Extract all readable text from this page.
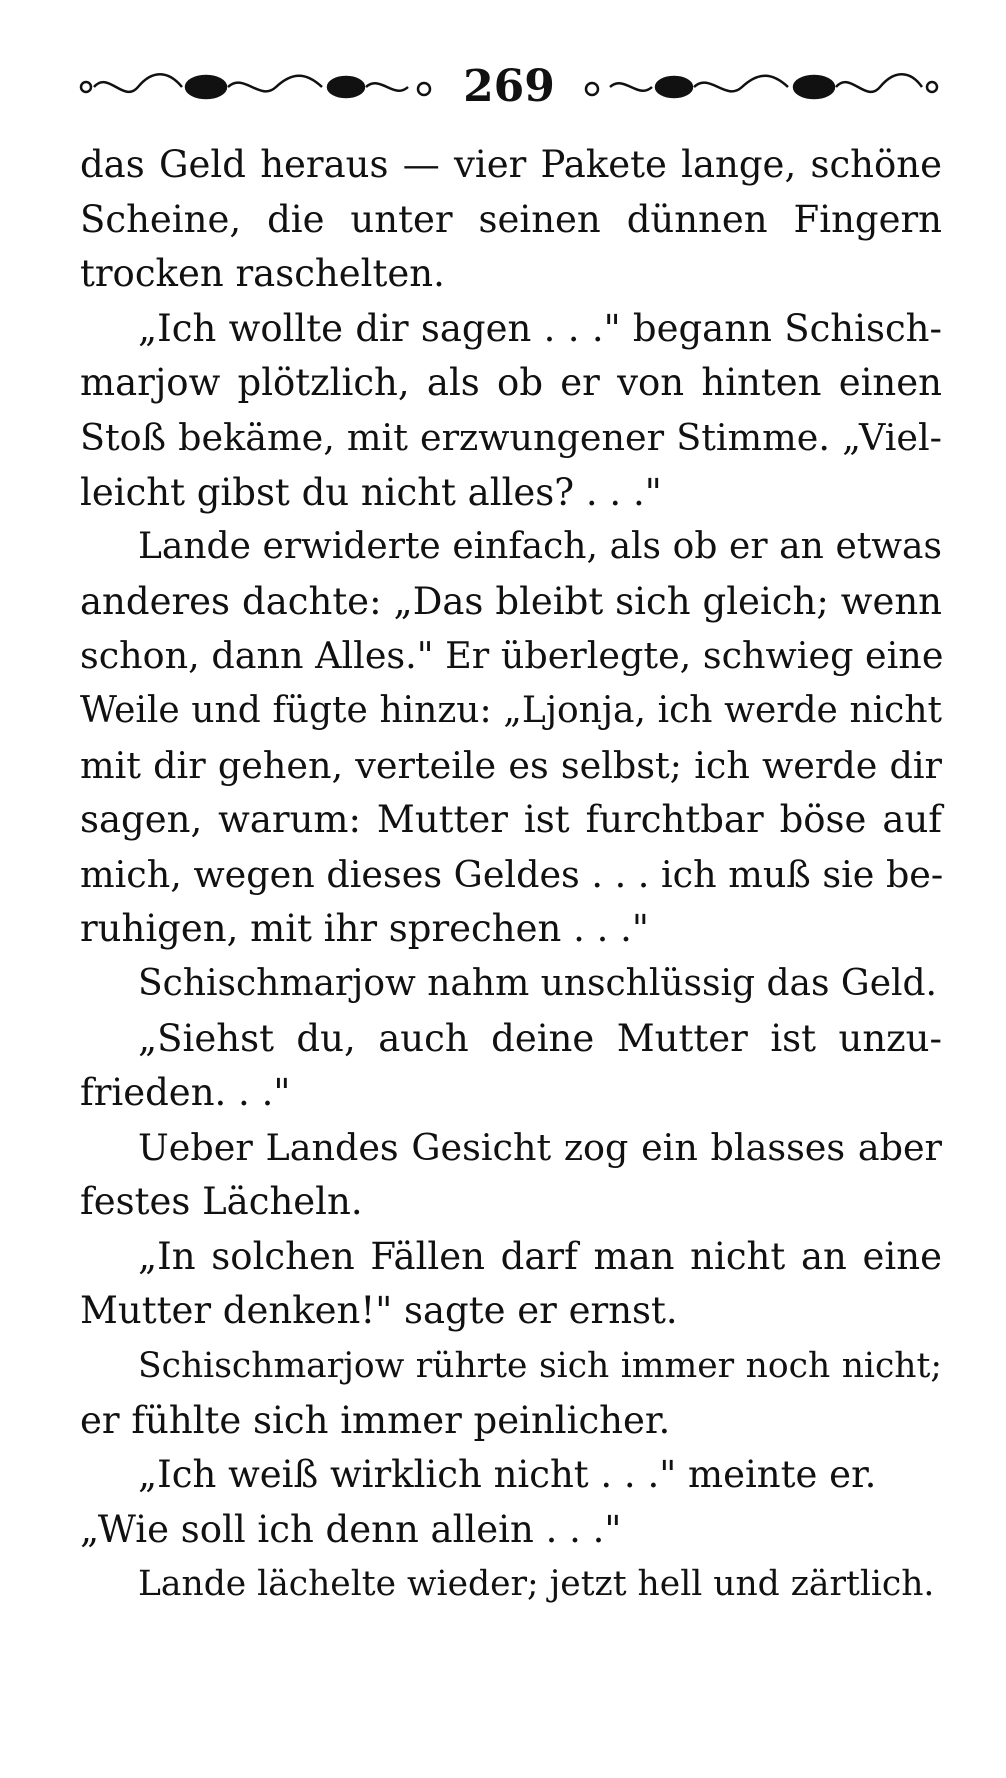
269
das Geld heraus — vier Pakete lange, schöne
Scheine, die unter seinen dünnen Fingern
trocken raschelten.
„Ich wollte dir sagen . . ." begann Schisch-
marjow plötzlich, als ob er von hinten einen
Stoß bekäme, mit erzwungener Stimme. „Viel-
leicht gibst du nicht alles? . . ."
Lande erwiderte einfach, als ob er an etwas
anderes dachte: „Das bleibt sich gleich; wenn
schon, dann Alles." Er überlegte, schwieg eine
Weile und fügte hinzu: „Ljonja, ich werde nicht
mit dir gehen, verteile es selbst; ich werde dir
sagen, warum: Mutter ist furchtbar böse auf
mich, wegen dieses Geldes . . . ich muß sie be-
ruhigen, mit ihr sprechen . . ."
Schischmarjow nahm unschlüssig das Geld.
„Siehst du, auch deine Mutter ist unzu-
frieden. . ."
Ueber Landes Gesicht zog ein blasses aber
festes Lächeln.
„In solchen Fällen darf man nicht an eine
Mutter denken!" sagte er ernst.
Schischmarjow rührte sich immer noch nicht;
er fühlte sich immer peinlicher.
„Ich weiß wirklich nicht . . ." meinte er.
„Wie soll ich denn allein . . ."
Lande lächelte wieder; jetzt hell und zärtlich.
